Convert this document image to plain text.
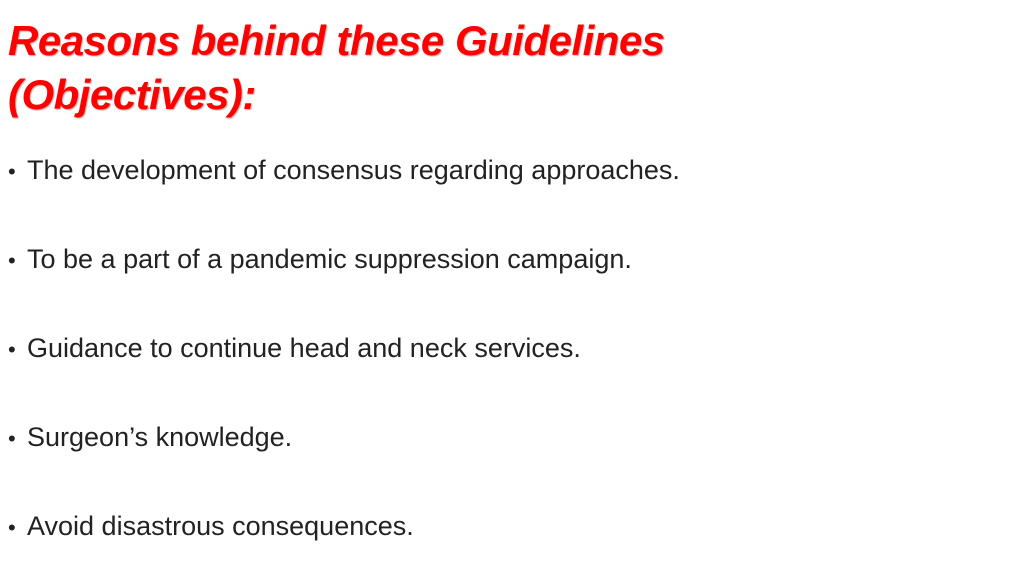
Reasons behind these Guidelines
(Objectives):
• The development of consensus regarding approaches.
• To be a part of a pandemic suppression campaign.
• Guidance to continue head and neck services.
• Surgeon’s knowledge.
• Avoid disastrous consequences.
